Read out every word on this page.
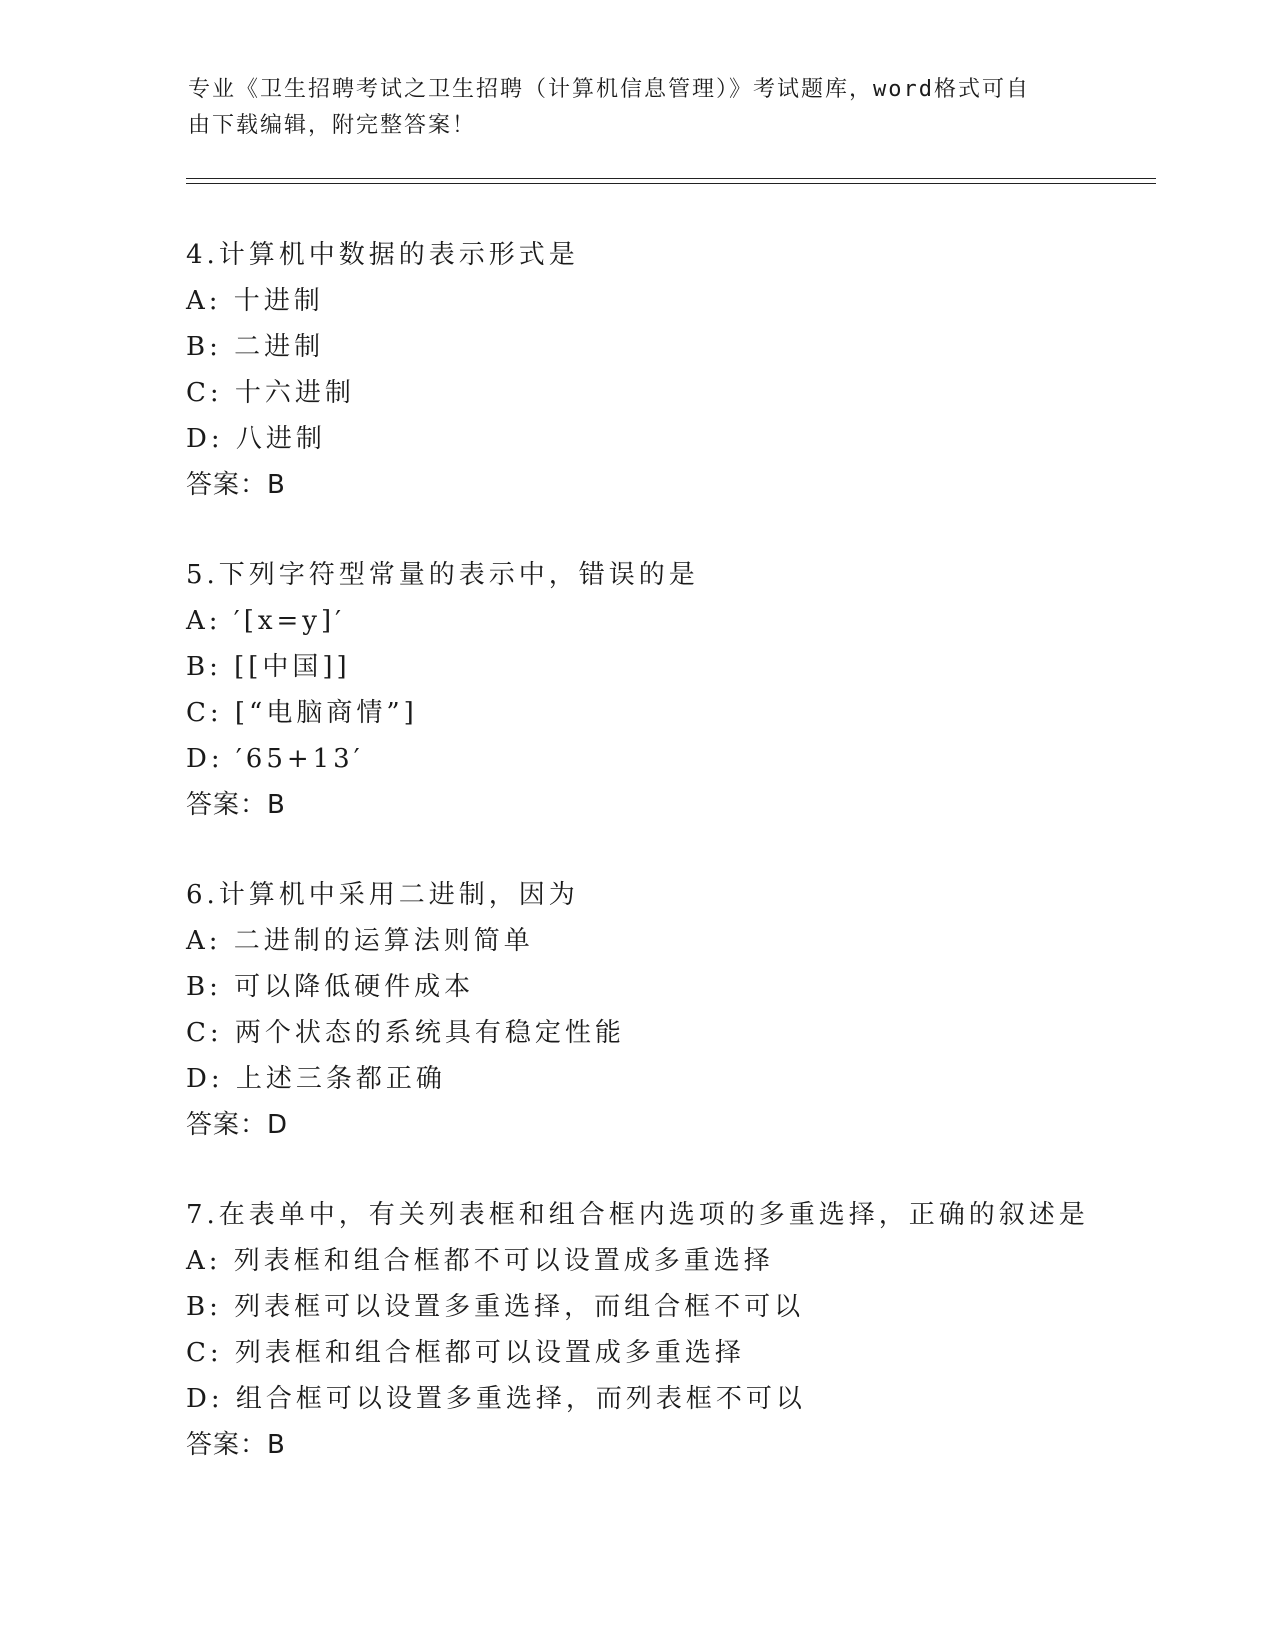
专业《卫生招聘考试之卫生招聘（计算机信息管理）》考试题库，word格式可自
由下载编辑，附完整答案！
4.计算机中数据的表示形式是
A: 十进制
B: 二进制
C: 十六进制
D: 八进制
答案：B
5.下列字符型常量的表示中，错误的是
A: ′[x=y]′
B: [[中国]]
C: [“电脑商情”]
D: ′65+13′
答案：B
6.计算机中采用二进制，因为
A: 二进制的运算法则简单
B: 可以降低硬件成本
C: 两个状态的系统具有稳定性能
D: 上述三条都正确
答案：D
7.在表单中，有关列表框和组合框内选项的多重选择，正确的叙述是
A: 列表框和组合框都不可以设置成多重选择
B: 列表框可以设置多重选择，而组合框不可以
C: 列表框和组合框都可以设置成多重选择
D: 组合框可以设置多重选择，而列表框不可以
答案：B
